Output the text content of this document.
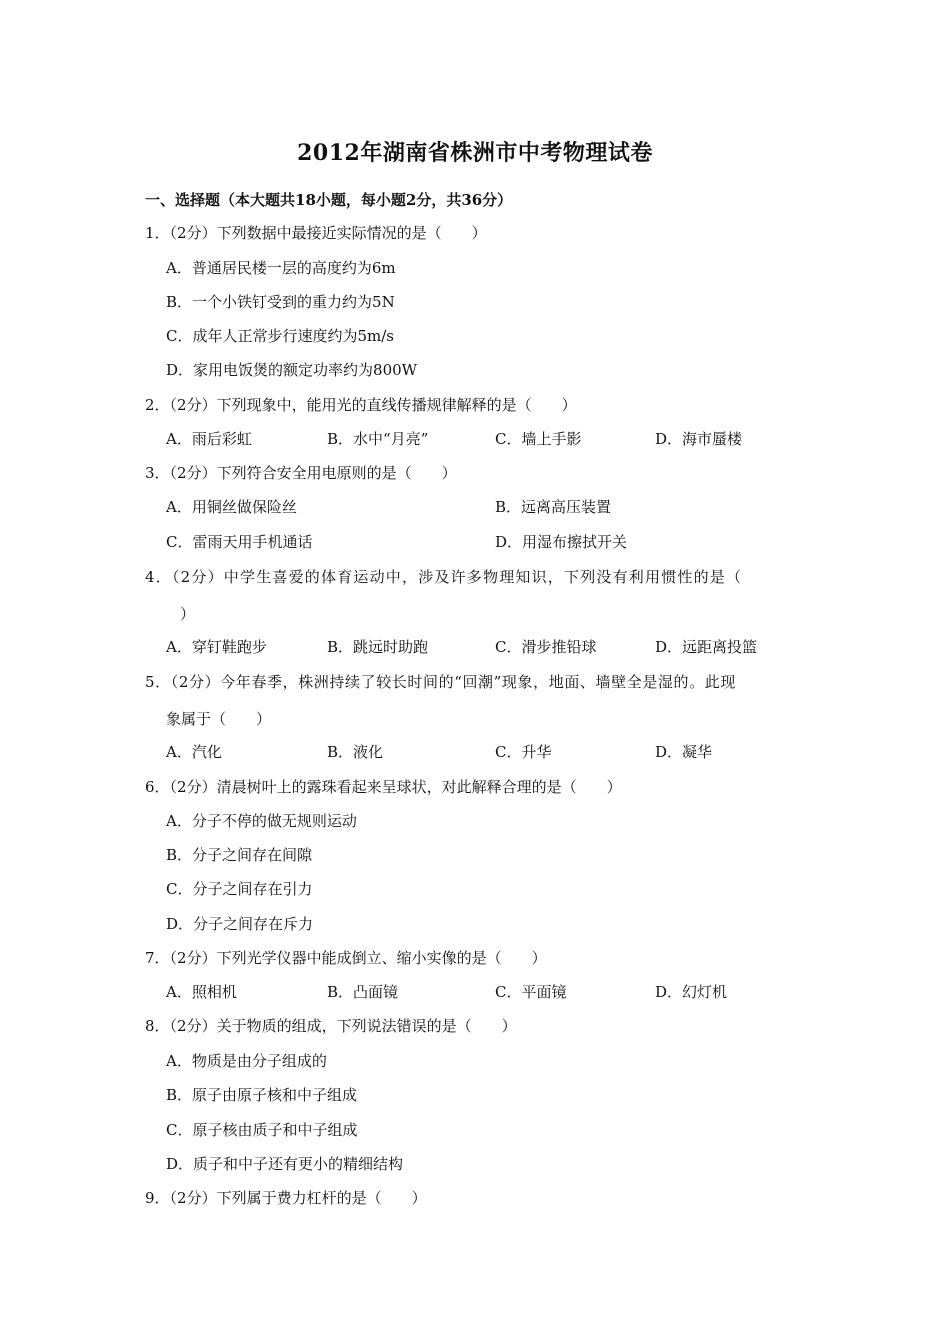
2012年湖南省株洲市中考物理试卷
一、选择题（本大题共18小题，每小题2分，共36分）
1．（2分）下列数据中最接近实际情况的是（　　）
A．普通居民楼一层的高度约为6m
B．一个小铁钉受到的重力约为5N
C．成年人正常步行速度约为5m/s
D．家用电饭煲的额定功率约为800W
2．（2分）下列现象中，能用光的直线传播规律解释的是（　　）
A．雨后彩虹	B．水中“月亮”	C．墙上手影	D．海市蜃楼
3．（2分）下列符合安全用电原则的是（　　）
A．用铜丝做保险丝	B．远离高压装置
C．雷雨天用手机通话	D．用湿布擦拭开关
4．（2分）中学生喜爱的体育运动中，涉及许多物理知识，下列没有利用惯性的是（
）
A．穿钉鞋跑步	B．跳远时助跑	C．滑步推铅球	D．远距离投篮
5．（2分）今年春季，株洲持续了较长时间的“回潮”现象，地面、墙壁全是湿的。此现
象属于（　　）
A．汽化	B．液化	C．升华	D．凝华
6．（2分）清晨树叶上的露珠看起来呈球状，对此解释合理的是（　　）
A．分子不停的做无规则运动
B．分子之间存在间隙
C．分子之间存在引力
D．分子之间存在斥力
7．（2分）下列光学仪器中能成倒立、缩小实像的是（　　）
A．照相机	B．凸面镜	C．平面镜	D．幻灯机
8．（2分）关于物质的组成，下列说法错误的是（　　）
A．物质是由分子组成的
B．原子由原子核和中子组成
C．原子核由质子和中子组成
D．质子和中子还有更小的精细结构
9．（2分）下列属于费力杠杆的是（　　）
